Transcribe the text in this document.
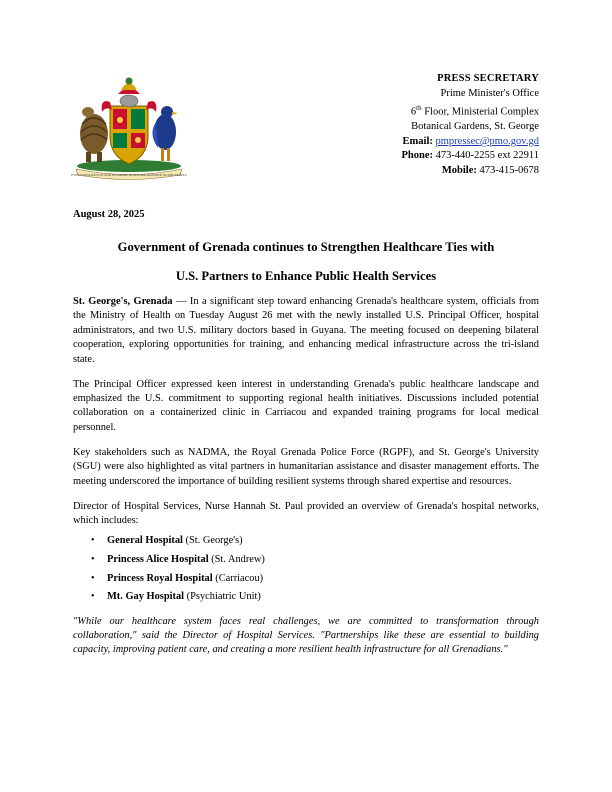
EVER CONSCIOUS OF GOD WE ASPIRE BUILD AND ADVANCE AS ONE PEOPLE
PRESS SECRETARY
Prime Minister's Office
6th Floor, Ministerial Complex
Botanical Gardens, St. George
Email: pmpressec@pmo.gov.gd
Phone: 473-440-2255 ext 22911
Mobile: 473-415-0678
August 28, 2025
Government of Grenada continues to Strengthen Healthcare Ties with
U.S. Partners to Enhance Public Health Services

St. George's, Grenada — In a significant step toward enhancing Grenada's healthcare system, officials from the Ministry of Health on Tuesday August 26 met with the newly installed U.S. Principal Officer, hospital administrators, and two U.S. military doctors based in Guyana. The meeting focused on deepening bilateral cooperation, exploring opportunities for training, and enhancing medical infrastructure across the tri-island state.

The Principal Officer expressed keen interest in understanding Grenada's public healthcare landscape and emphasized the U.S. commitment to supporting regional health initiatives. Discussions included potential collaboration on a containerized clinic in Carriacou and expanded training programs for local medical personnel.

Key stakeholders such as NADMA, the Royal Grenada Police Force (RGPF), and St. George's University (SGU) were also highlighted as vital partners in humanitarian assistance and disaster management efforts. The meeting underscored the importance of building resilient systems through shared expertise and resources.

Director of Hospital Services, Nurse Hannah St. Paul provided an overview of Grenada's hospital networks, which includes:

• General Hospital (St. George's)
• Princess Alice Hospital (St. Andrew)
• Princess Royal Hospital (Carriacou)
• Mt. Gay Hospital (Psychiatric Unit)

"While our healthcare system faces real challenges, we are committed to transformation through collaboration," said the Director of Hospital Services. "Partnerships like these are essential to building capacity, improving patient care, and creating a more resilient health infrastructure for all Grenadians."
